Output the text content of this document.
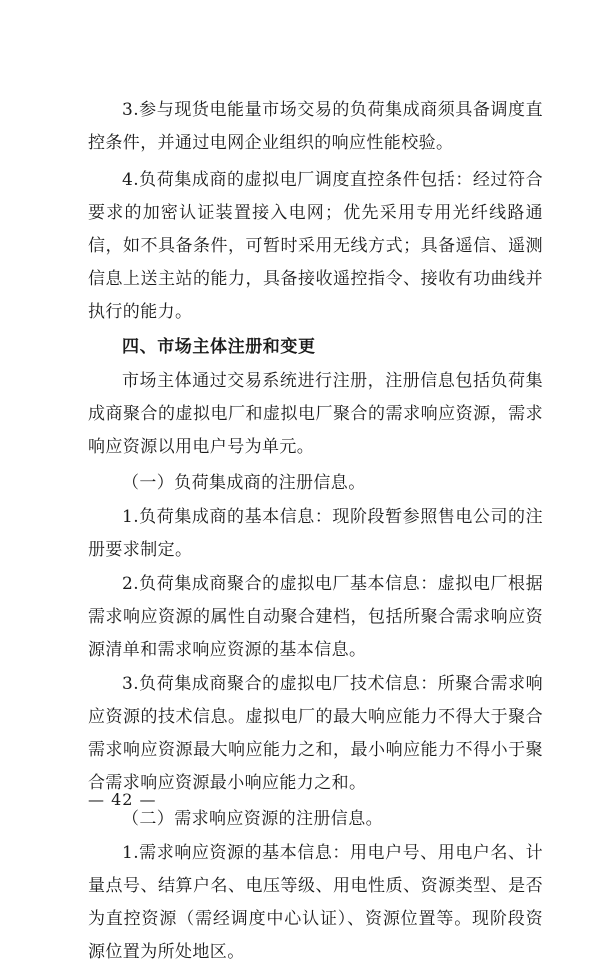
3.参与现货电能量市场交易的负荷集成商须具备调度直控条件，并通过电网企业组织的响应性能校验。

4.负荷集成商的虚拟电厂调度直控条件包括：经过符合要求的加密认证装置接入电网；优先采用专用光纤线路通信，如不具备条件，可暂时采用无线方式；具备遥信、遥测信息上送主站的能力，具备接收遥控指令、接收有功曲线并执行的能力。

四、市场主体注册和变更

市场主体通过交易系统进行注册，注册信息包括负荷集成商聚合的虚拟电厂和虚拟电厂聚合的需求响应资源，需求响应资源以用电户号为单元。

（一）负荷集成商的注册信息。

1.负荷集成商的基本信息：现阶段暂参照售电公司的注册要求制定。

2.负荷集成商聚合的虚拟电厂基本信息：虚拟电厂根据需求响应资源的属性自动聚合建档，包括所聚合需求响应资源清单和需求响应资源的基本信息。

3.负荷集成商聚合的虚拟电厂技术信息：所聚合需求响应资源的技术信息。虚拟电厂的最大响应能力不得大于聚合需求响应资源最大响应能力之和，最小响应能力不得小于聚合需求响应资源最小响应能力之和。

（二）需求响应资源的注册信息。

1.需求响应资源的基本信息：用电户号、用电户名、计量点号、结算户名、电压等级、用电性质、资源类型、是否为直控资源（需经调度中心认证）、资源位置等。现阶段资源位置为所处地区。

— 42 —
